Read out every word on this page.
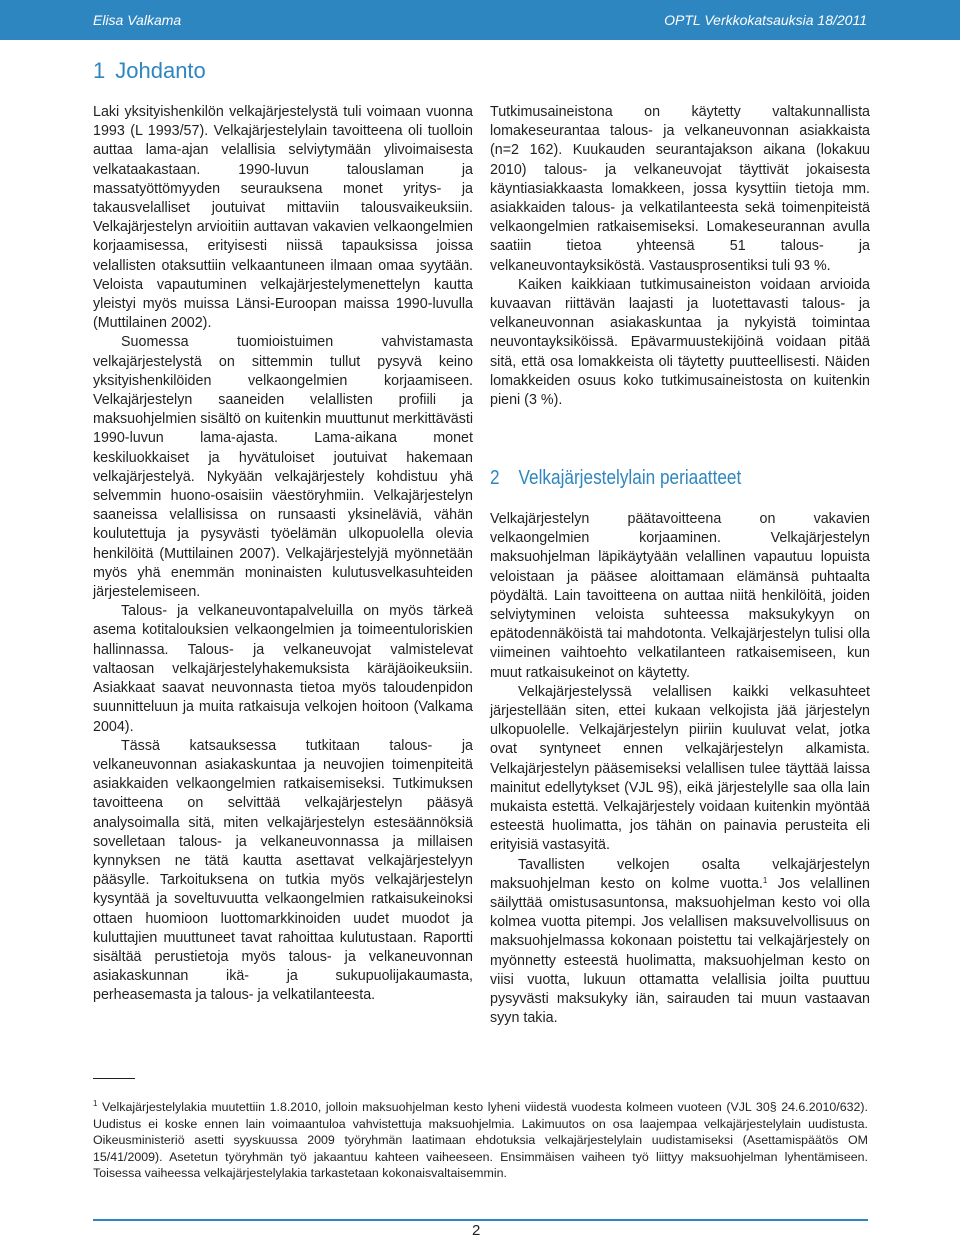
Elisa Valkama	OPTL Verkkokatsauksia 18/2011
1 Johdanto

Laki yksityishenkilön velkajärjestelystä tuli voimaan vuonna 1993 (L 1993/57). Velkajärjestelylain tavoitteena oli tuolloin auttaa lama-ajan velallisia selviytymään ylivoimaisesta velkataakastaan. 1990-luvun talouslaman ja massatyöttömyyden seurauksena monet yritys- ja takausvelalliset joutuivat mittaviin talousvaikeuksiin. Velkajärjestelyn arvioitiin auttavan vakavien velkaongelmien korjaamisessa, erityisesti niissä tapauksissa joissa velallisten otaksuttiin velkaantuneen ilmaan omaa syytään. Veloista vapautuminen velkajärjestelymenettelyn kautta yleistyi myös muissa Länsi-Euroopan maissa 1990-luvulla (Muttilainen 2002).

Suomessa tuomioistuimen vahvistamasta velkajärjestelystä on sittemmin tullut pysyvä keino yksityishenkilöiden velkaongelmien korjaamiseen. Velkajärjestelyn saaneiden velallisten profiili ja maksuohjelmien sisältö on kuitenkin muuttunut merkittävästi 1990-luvun lama-ajasta. Lama-aikana monet keskiluokkaiset ja hyvätuloiset joutuivat hakemaan velkajärjestelyä. Nykyään velkajärjestely kohdistuu yhä selvemmin huono-osaisiin väestöryhmiin. Velkajärjestelyn saaneissa velallisissa on runsaasti yksineläviä, vähän koulutettuja ja pysyvästi työelämän ulkopuolella olevia henkilöitä (Muttilainen 2007). Velkajärjestelyjä myönnetään myös yhä enemmän moninaisten kulutusvelkasuhteiden järjestelemiseen.

Talous- ja velkaneuvontapalveluilla on myös tärkeä asema kotitalouksien velkaongelmien ja toimeentuloriskien hallinnassa. Talous- ja velkaneuvojat valmistelevat valtaosan velkajärjestelyhakemuksista käräjäoikeuksiin. Asiakkaat saavat neuvonnasta tietoa myös taloudenpidon suunnitteluun ja muita ratkaisuja velkojen hoitoon (Valkama 2004).

Tässä katsauksessa tutkitaan talous- ja velkaneuvonnan asiakaskuntaa ja neuvojien toimenpiteitä asiakkaiden velkaongelmien ratkaisemiseksi. Tutkimuksen tavoitteena on selvittää velkajärjestelyn pääsyä analysoimalla sitä, miten velkajärjestelyn estesäännöksiä sovelletaan talous- ja velkaneuvonnassa ja millaisen kynnyksen ne tätä kautta asettavat velkajärjestelyyn pääsylle. Tarkoituksena on tutkia myös velkajärjestelyn kysyntää ja soveltuvuutta velkaongelmien ratkaisukeinoksi ottaen huomioon luottomarkkinoiden uudet muodot ja kuluttajien muuttuneet tavat rahoittaa kulutustaan. Raportti sisältää perustietoja myös talous- ja velkaneuvonnan asiakaskunnan ikä- ja sukupuolijakaumasta, perheasemasta ja talous- ja velkatilanteesta.

Tutkimusaineistona on käytetty valtakunnallista lomakeseurantaa talous- ja velkaneuvonnan asiakkaista (n=2 162). Kuukauden seurantajakson aikana (lokakuu 2010) talous- ja velkaneuvojat täyttivät jokaisesta käyntiasiakkaasta lomakkeen, jossa kysyttiin tietoja mm. asiakkaiden talous- ja velkatilanteesta sekä toimenpiteistä velkaongelmien ratkaisemiseksi. Lomakeseurannan avulla saatiin tietoa yhteensä 51 talous- ja velkaneuvontayksiköstä. Vastausprosentiksi tuli 93 %.

Kaiken kaikkiaan tutkimusaineiston voidaan arvioida kuvaavan riittävän laajasti ja luotettavasti talous- ja velkaneuvonnan asiakaskuntaa ja nykyistä toimintaa neuvontayksiköissä. Epävarmuustekijöinä voidaan pitää sitä, että osa lomakkeista oli täytetty puutteellisesti. Näiden lomakkeiden osuus koko tutkimusaineistosta on kuitenkin pieni (3 %).

2 Velkajärjestelylain periaatteet

Velkajärjestelyn päätavoitteena on vakavien velkaongelmien korjaaminen. Velkajärjestelyn maksuohjelman läpikäytyään velallinen vapautuu lopuista veloistaan ja pääsee aloittamaan elämänsä puhtaalta pöydältä. Lain tavoitteena on auttaa niitä henkilöitä, joiden selviytyminen veloista suhteessa maksukykyyn on epätodennäköistä tai mahdotonta. Velkajärjestelyn tulisi olla viimeinen vaihtoehto velkatilanteen ratkaisemiseen, kun muut ratkaisukeinot on käytetty.

Velkajärjestelyssä velallisen kaikki velkasuhteet järjestellään siten, ettei kukaan velkojista jää järjestelyn ulkopuolelle. Velkajärjestelyn piiriin kuuluvat velat, jotka ovat syntyneet ennen velkajärjestelyn alkamista. Velkajärjestelyn pääsemiseksi velallisen tulee täyttää laissa mainitut edellytykset (VJL 9§), eikä järjestelylle saa olla lain mukaista estettä. Velkajärjestely voidaan kuitenkin myöntää esteestä huolimatta, jos tähän on painavia perusteita eli erityisiä vastasyitä.

Tavallisten velkojen osalta velkajärjestelyn maksuohjelman kesto on kolme vuotta.$^1$ Jos velallinen säilyttää omistusasuntonsa, maksuohjelman kesto voi olla kolmea vuotta pitempi. Jos velallisen maksuvelvollisuus on maksuohjelmassa kokonaan poistettu tai velkajärjestely on myönnetty esteestä huolimatta, maksuohjelman kesto on viisi vuotta, lukuun ottamatta velallisia joilta puuttuu pysyvästi maksukyky iän, sairauden tai muun vastaavan syyn takia.

$^1$ Velkajärjestelylakia muutettiin 1.8.2010, jolloin maksuohjelman kesto lyheni viidestä vuodesta kolmeen vuoteen (VJL 30§ 24.6.2010/632). Uudistus ei koske ennen lain voimaantuloa vahvistettuja maksuohjelmia. Lakimuutos on osa laajempaa velkajärjestelylain uudistusta. Oikeusministeriö asetti syyskuussa 2009 työryhmän laatimaan ehdotuksia velkajärjestelylain uudistamiseksi (Asettamispäätös OM 15/41/2009). Asetetun työryhmän työ jakaantuu kahteen vaiheeseen. Ensimmäisen vaiheen työ liittyy maksuohjelman lyhentämiseen. Toisessa vaiheessa velkajärjestelylakia tarkastetaan kokonaisvaltaisemmin.

2
